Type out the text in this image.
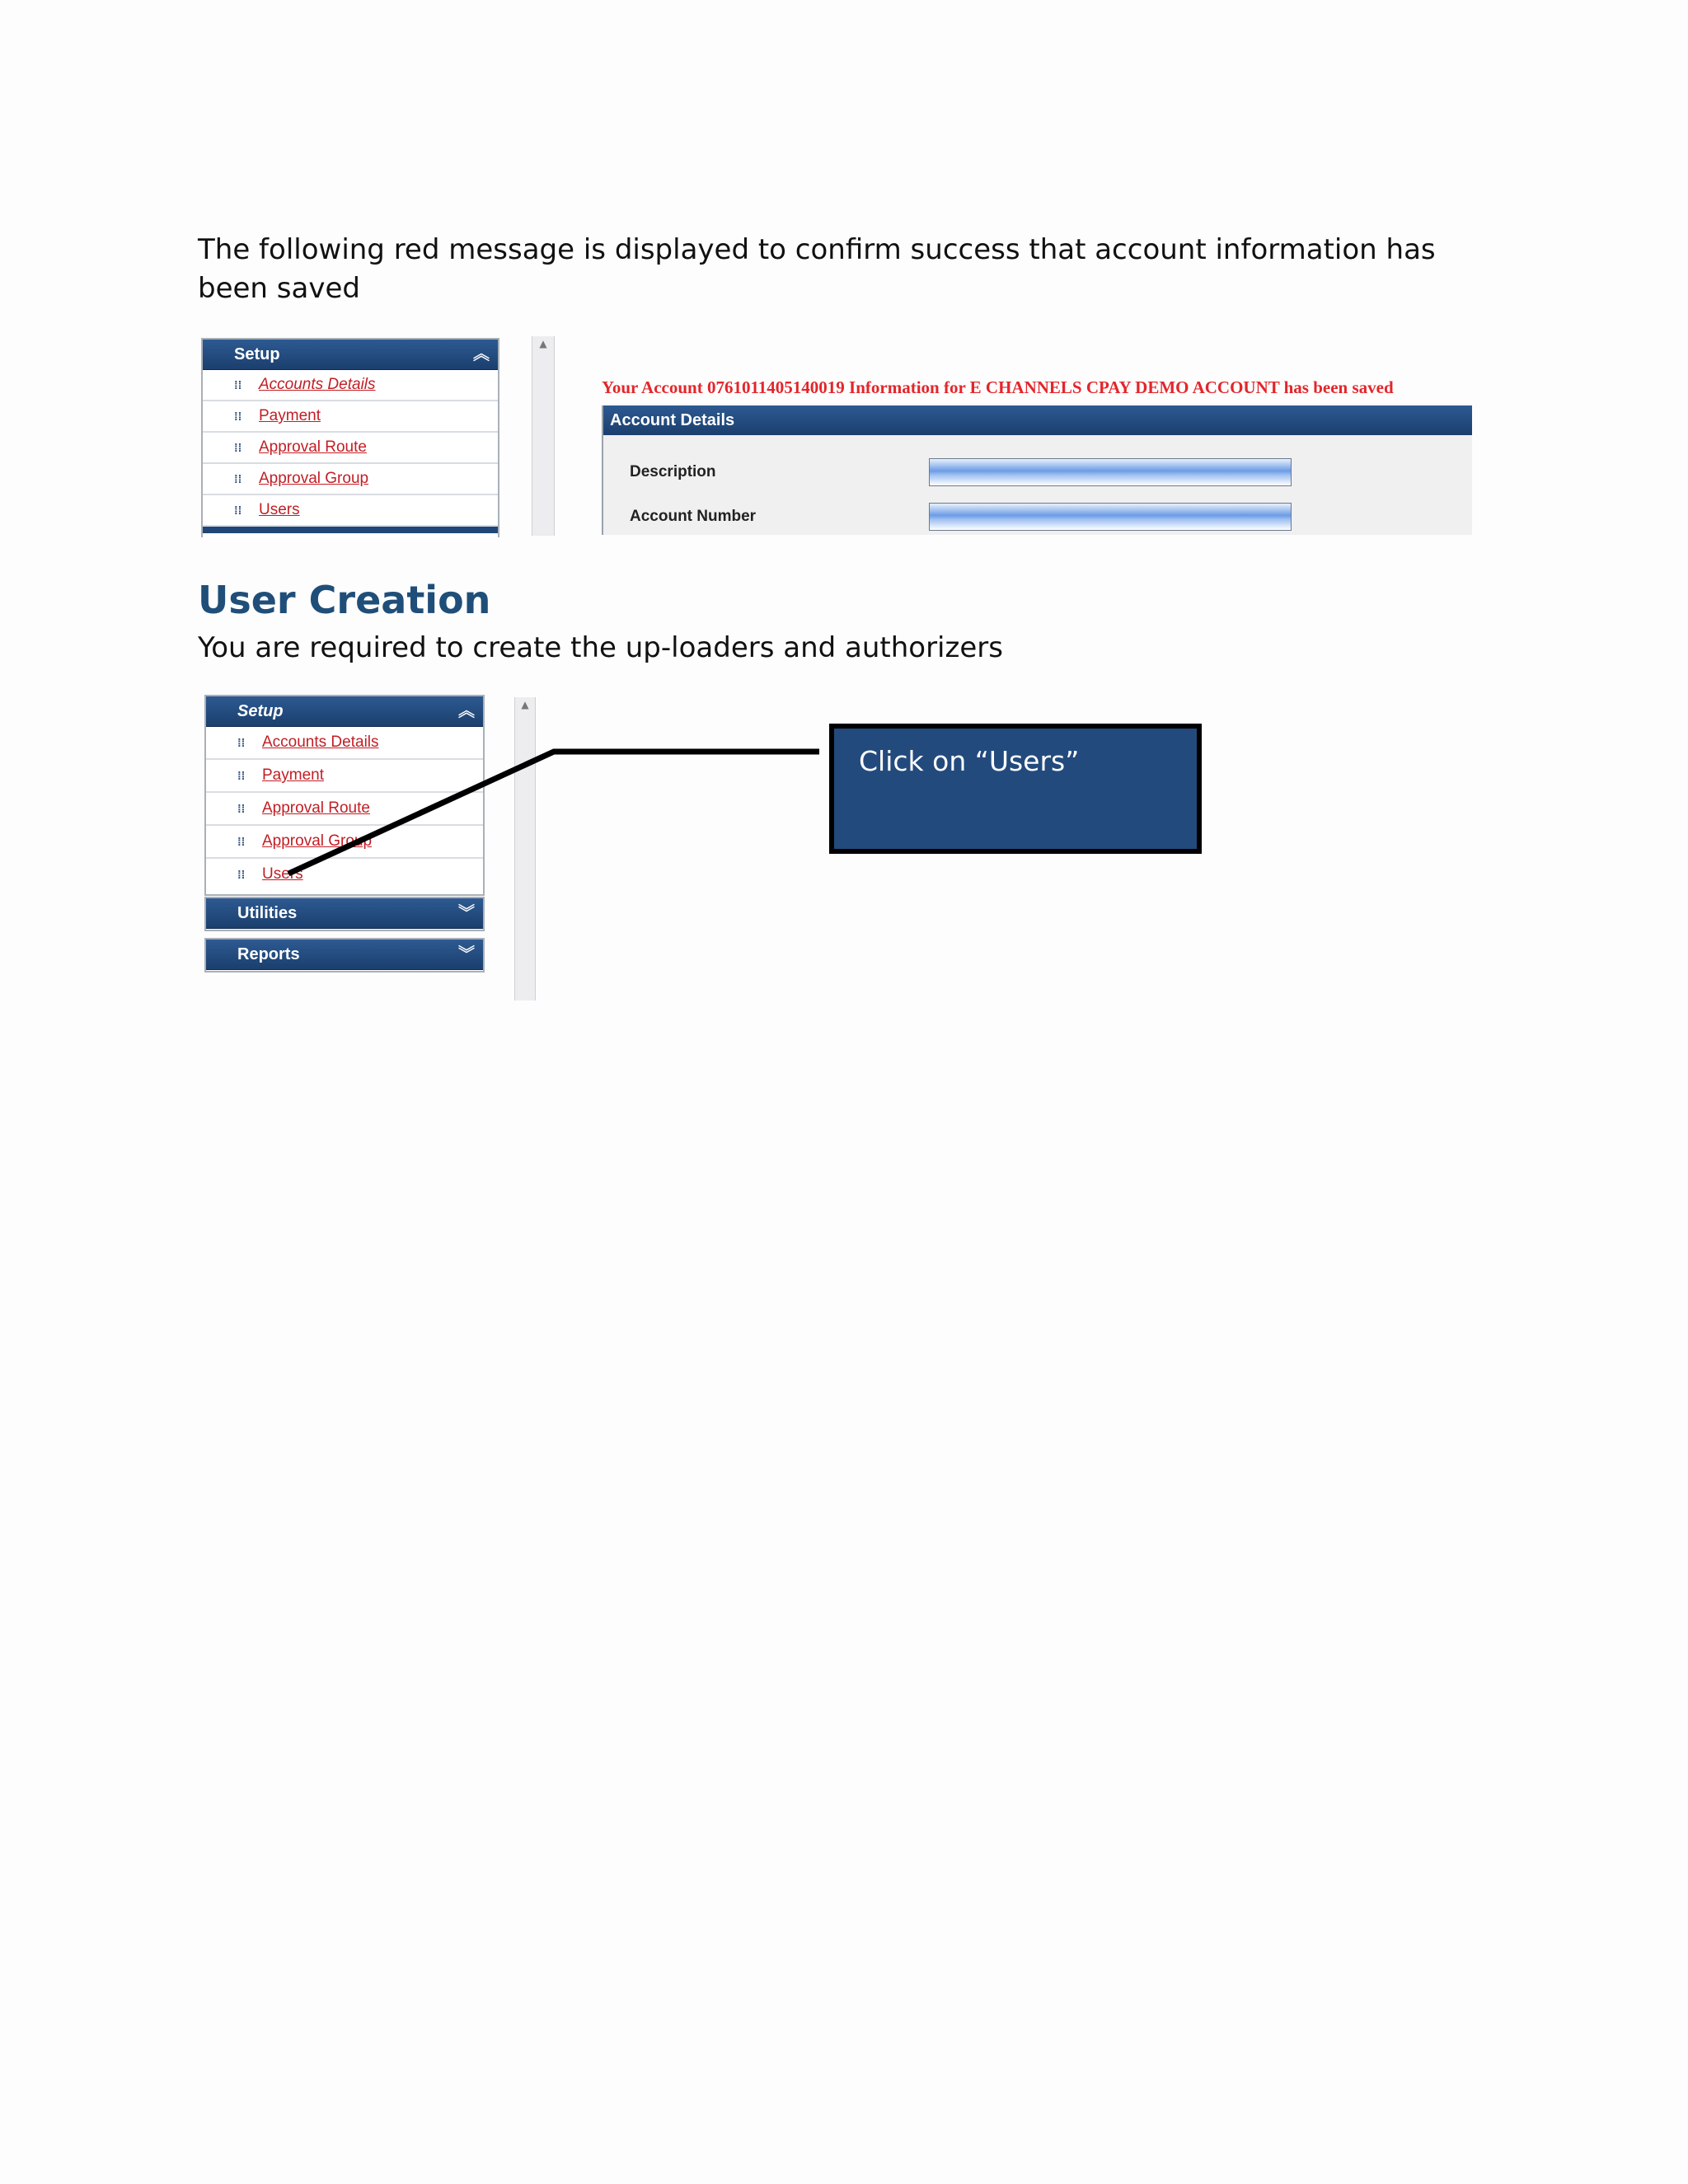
The following red message is displayed to confirm success that account information has been saved

Setup	︽
⁞⁞ Accounts Details
⁞⁞ Payment
⁞⁞ Approval Route
⁞⁞ Approval Group
⁞⁞ Users
▲
Your Account 0761011405140019 Information for E CHANNELS CPAY DEMO ACCOUNT has been saved
Account Details
Description
Account Number
User Creation

You are required to create the up-loaders and authorizers

Setup	︽
⁞⁞ Accounts Details
⁞⁞ Payment
⁞⁞ Approval Route
⁞⁞ Approval Group
⁞⁞ Users
Utilities	︾
Reports	︾
▲
Click on “Users”
